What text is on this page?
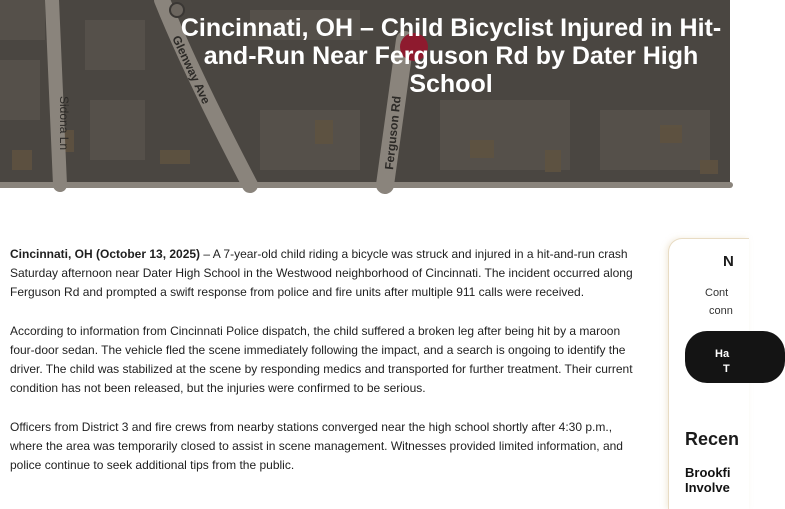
Sidona Ln
Glenway Ave
Ferguson Rd
Cincinnati, OH – Child Bicyclist Injured in Hit-and-Run Near Ferguson Rd by Dater High School

Cincinnati, OH (October 13, 2025) – A 7-year-old child riding a bicycle was struck and injured in a hit-and-run crash Saturday afternoon near Dater High School in the Westwood neighborhood of Cincinnati. The incident occurred along Ferguson Rd and prompted a swift response from police and fire units after multiple 911 calls were received.

According to information from Cincinnati Police dispatch, the child suffered a broken leg after being hit by a maroon four-door sedan. The vehicle fled the scene immediately following the impact, and a search is ongoing to identify the driver. The child was stabilized at the scene by responding medics and transported for further treatment. Their current condition has not been released, but the injuries were confirmed to be serious.

Officers from District 3 and fire crews from nearby stations converged near the high school shortly after 4:30 p.m., where the area was temporarily closed to assist in scene management. Witnesses provided limited information, and police continue to seek additional tips from the public.

N
Cont
conn
Ha
T
Recen
Brookfi
Involve
